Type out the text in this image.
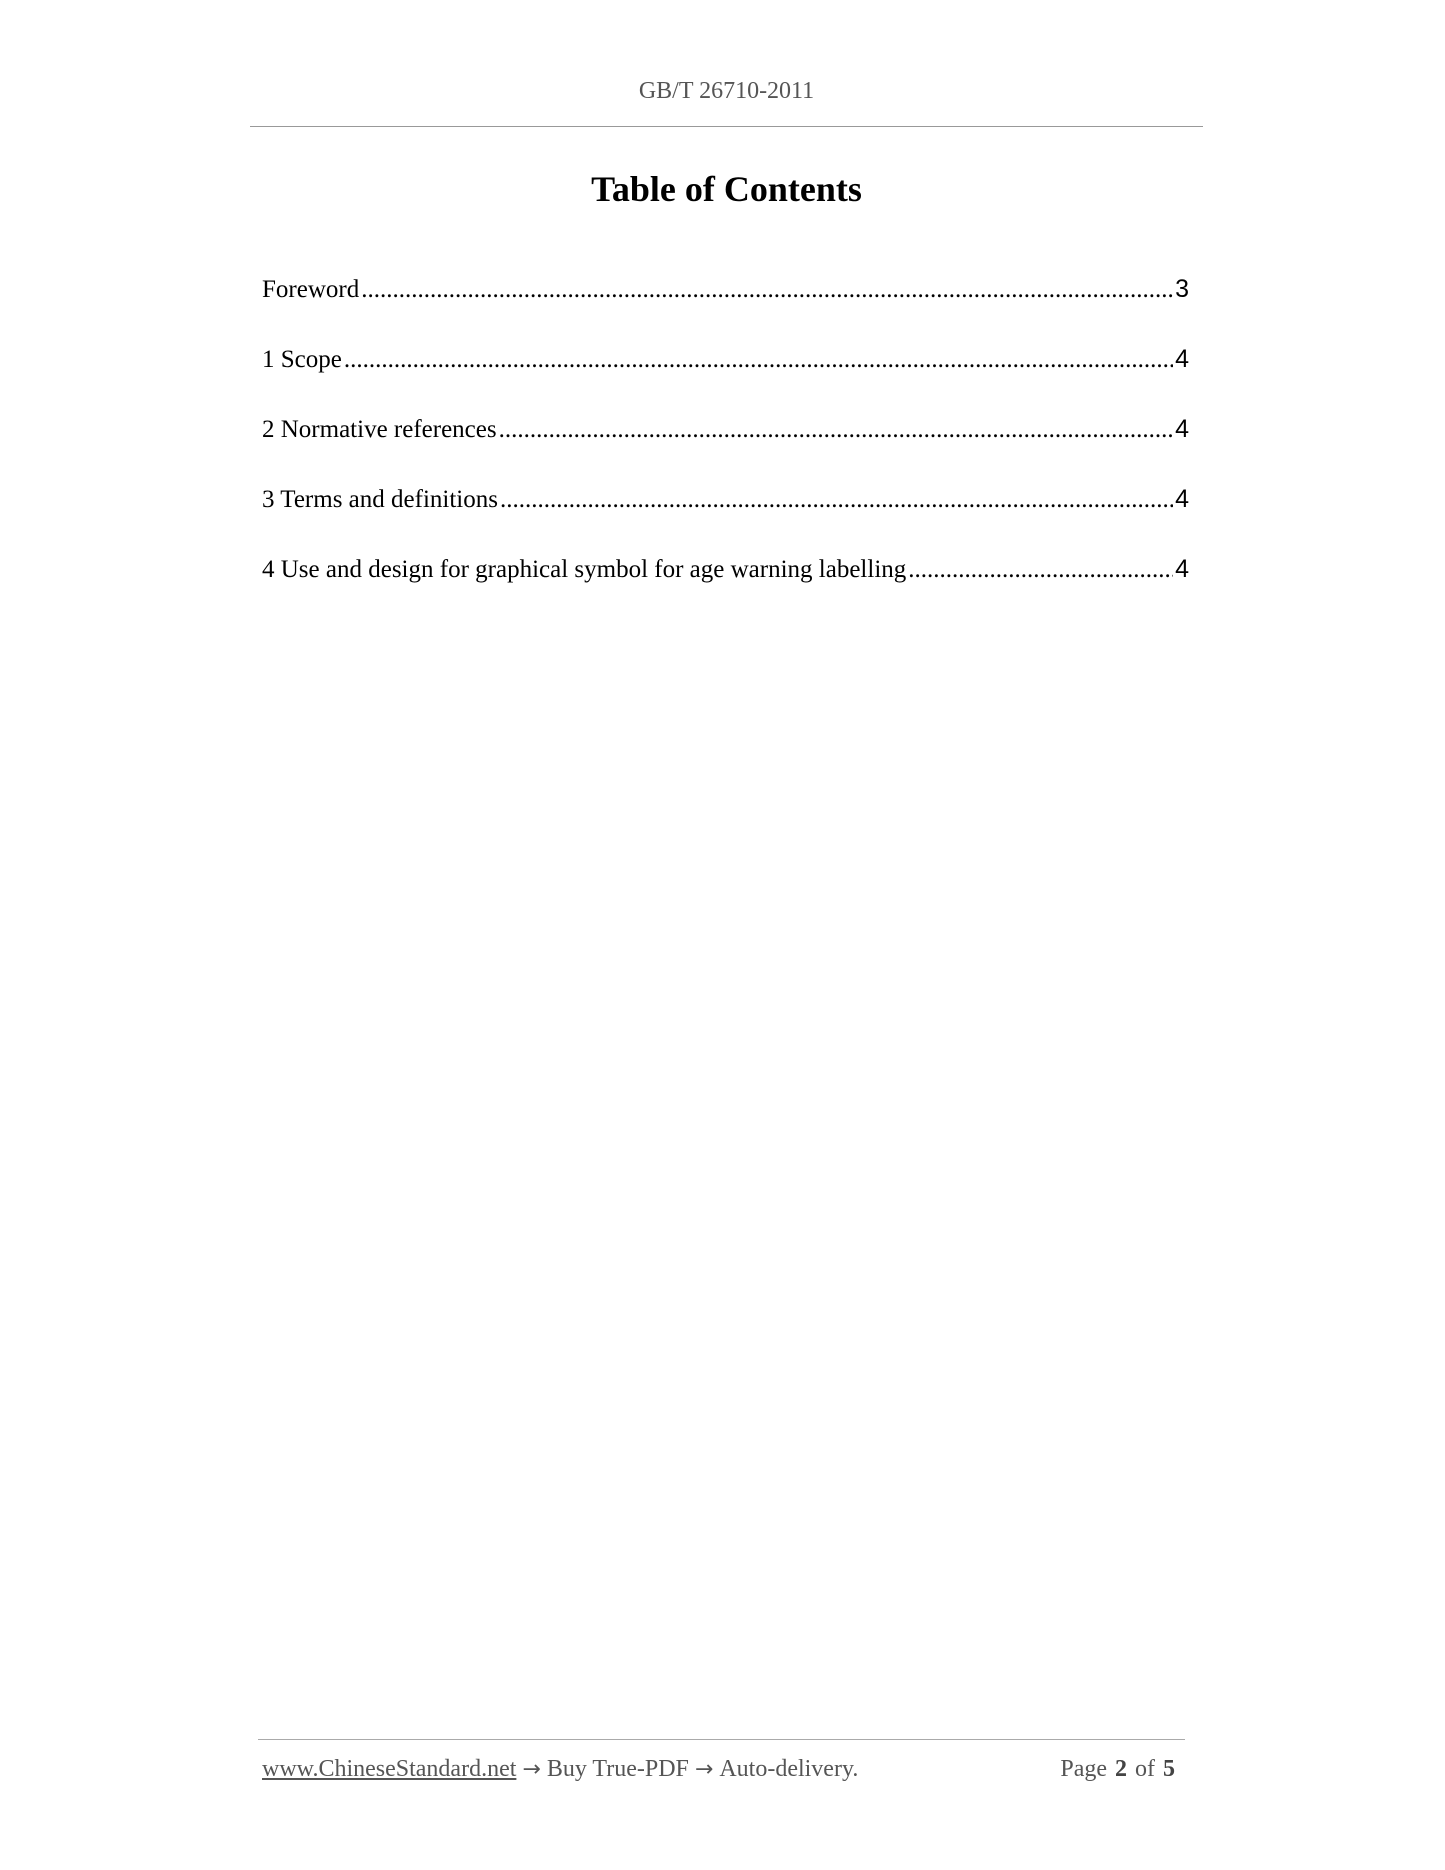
GB/T 26710-2011
Table of Contents
Foreword .....	3
1 Scope .....	4
2 Normative references .....	4
3 Terms and definitions .....	4
4 Use and design for graphical symbol for age warning labelling .....	4
www.ChineseStandard.net → Buy True-PDF → Auto-delivery.	Page 2 of 5
